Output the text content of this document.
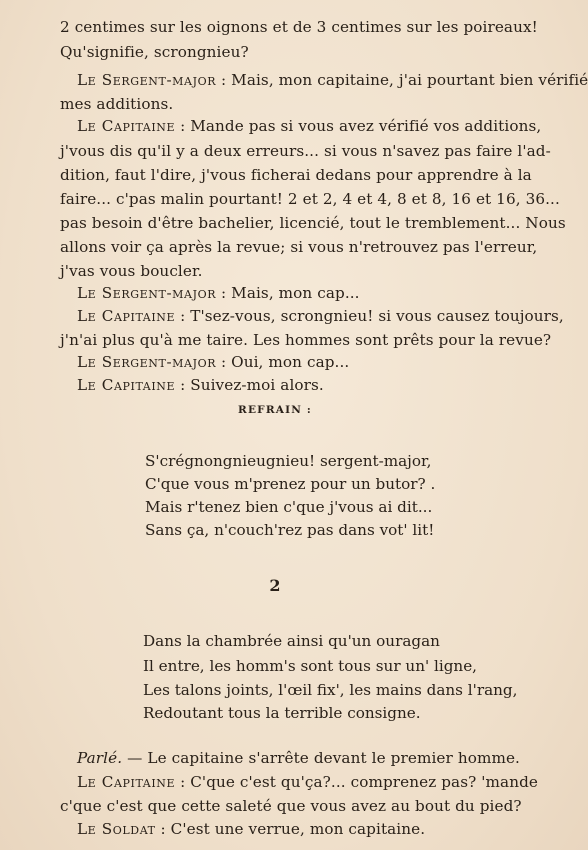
2 centimes sur les oignons et de 3 centimes sur les poireaux!
Qu'signifie, scrongnieu?
Le Sergent-major : Mais, mon capitaine, j'ai pourtant bien vérifié
mes additions.
Le Capitaine : Mande pas si vous avez vérifié vos additions,
j'vous dis qu'il y a deux erreurs... si vous n'savez pas faire l'ad-
dition, faut l'dire, j'vous ficherai dedans pour apprendre à la
faire... c'pas malin pourtant! 2 et 2, 4 et 4, 8 et 8, 16 et 16, 36...
pas besoin d'être bachelier, licencié, tout le tremblement... Nous
allons voir ça après la revue; si vous n'retrouvez pas l'erreur,
j'vas vous boucler.
Le Sergent-major : Mais, mon cap...
Le Capitaine : T'sez-vous, scrongnieu! si vous causez toujours,
j'n'ai plus qu'à me taire. Les hommes sont prêts pour la revue?
Le Sergent-major : Oui, mon cap...
Le Capitaine : Suivez-moi alors.
REFRAIN :
S'crégnongnieugnieu! sergent-major,
C'que vous m'prenez pour un butor? .
Mais r'tenez bien c'que j'vous ai dit...
Sans ça, n'couch'rez pas dans vot' lit!
2
Dans la chambrée ainsi qu'un ouragan
Il entre, les homm's sont tous sur un' ligne,
Les talons joints, l'œil fix', les mains dans l'rang,
Redoutant tous la terrible consigne.
Parlé. — Le capitaine s'arrête devant le premier homme.
Le Capitaine : C'que c'est qu'ça?... comprenez pas? 'mande
c'que c'est que cette saleté que vous avez au bout du pied?
Le Soldat : C'est une verrue, mon capitaine.
